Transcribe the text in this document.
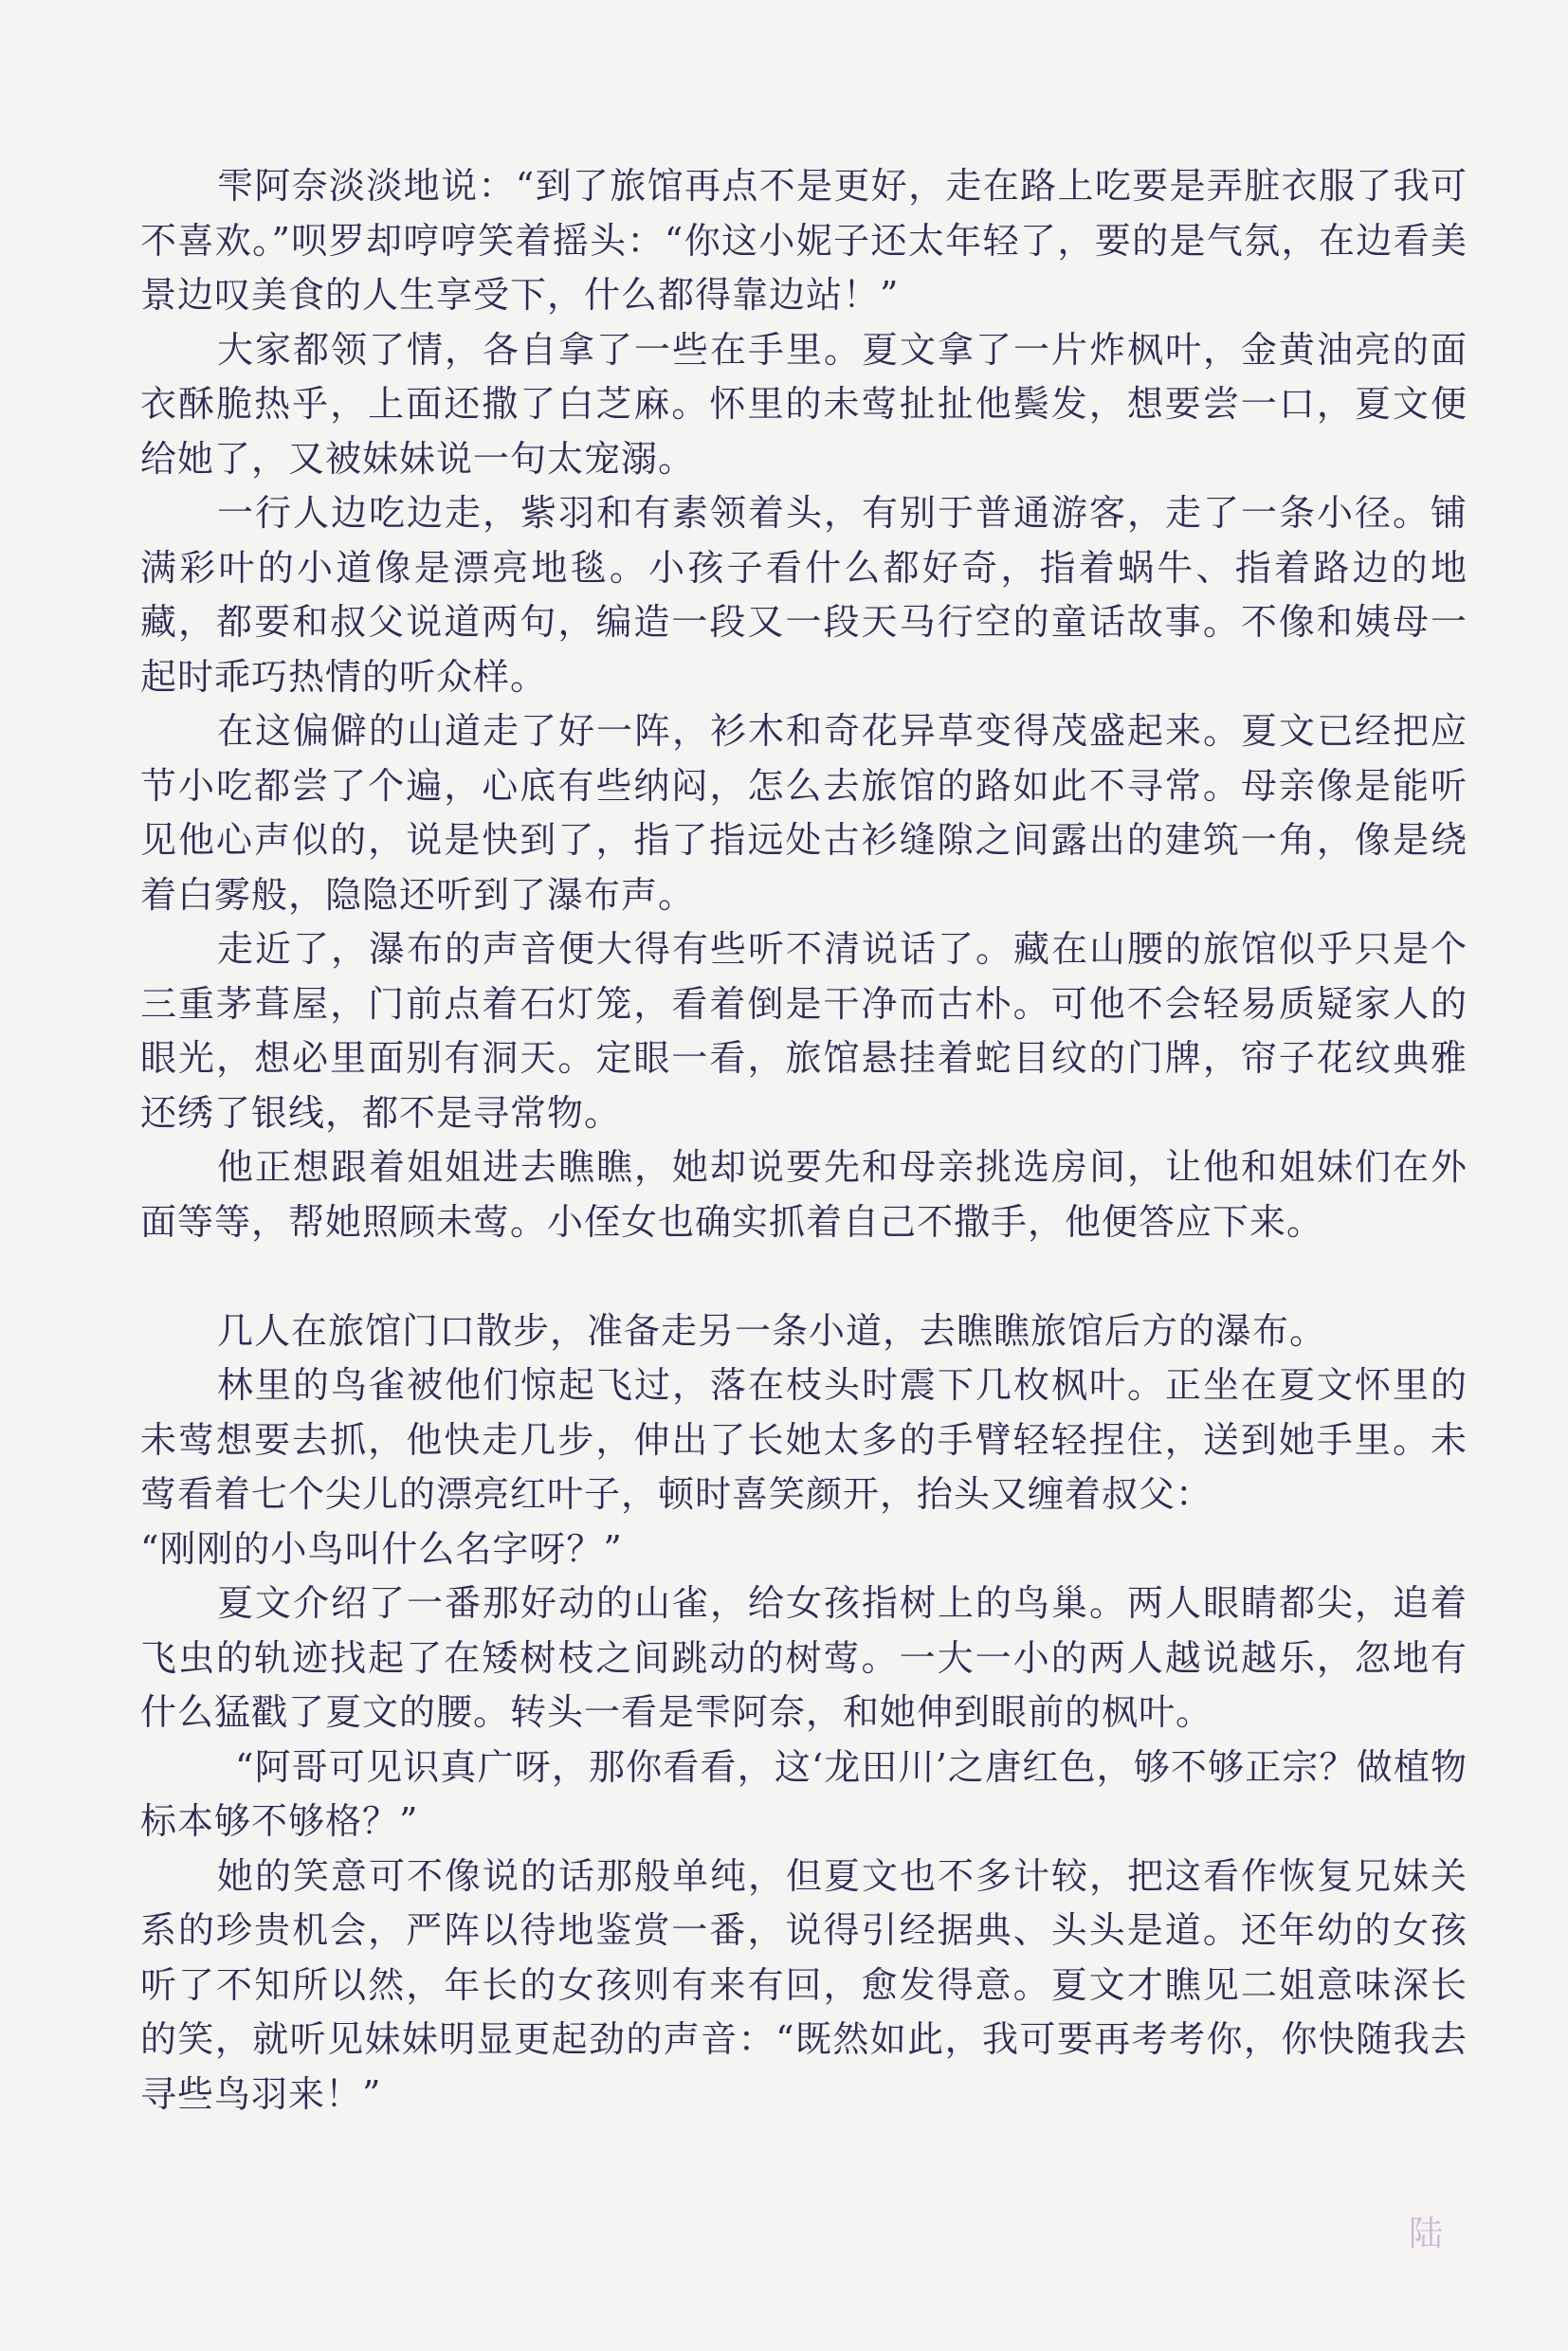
雫阿奈淡淡地说：“到了旅馆再点不是更好，走在路上吃要是弄脏衣服了我可不喜欢。”呗罗却哼哼笑着摇头：“你这小妮子还太年轻了，要的是气氛，在边看美景边叹美食的人生享受下，什么都得靠边站！”

大家都领了情，各自拿了一些在手里。夏文拿了一片炸枫叶，金黄油亮的面衣酥脆热乎，上面还撒了白芝麻。怀里的未莺扯扯他鬓发，想要尝一口，夏文便给她了，又被妹妹说一句太宠溺。

一行人边吃边走，紫羽和有素领着头，有别于普通游客，走了一条小径。铺满彩叶的小道像是漂亮地毯。小孩子看什么都好奇，指着蜗牛、指着路边的地藏，都要和叔父说道两句，编造一段又一段天马行空的童话故事。不像和姨母一起时乖巧热情的听众样。

在这偏僻的山道走了好一阵，衫木和奇花异草变得茂盛起来。夏文已经把应节小吃都尝了个遍，心底有些纳闷，怎么去旅馆的路如此不寻常。母亲像是能听见他心声似的，说是快到了，指了指远处古衫缝隙之间露出的建筑一角，像是绕着白雾般，隐隐还听到了瀑布声。

走近了，瀑布的声音便大得有些听不清说话了。藏在山腰的旅馆似乎只是个三重茅葺屋，门前点着石灯笼，看着倒是干净而古朴。可他不会轻易质疑家人的眼光，想必里面别有洞天。定眼一看，旅馆悬挂着蛇目纹的门牌，帘子花纹典雅还绣了银线，都不是寻常物。

他正想跟着姐姐进去瞧瞧，她却说要先和母亲挑选房间，让他和姐妹们在外面等等，帮她照顾未莺。小侄女也确实抓着自己不撒手，他便答应下来。

几人在旅馆门口散步，准备走另一条小道，去瞧瞧旅馆后方的瀑布。

林里的鸟雀被他们惊起飞过，落在枝头时震下几枚枫叶。正坐在夏文怀里的未莺想要去抓，他快走几步，伸出了长她太多的手臂轻轻捏住，送到她手里。未莺看着七个尖儿的漂亮红叶子，顿时喜笑颜开，抬头又缠着叔父：

“刚刚的小鸟叫什么名字呀？”

夏文介绍了一番那好动的山雀，给女孩指树上的鸟巢。两人眼睛都尖，追着飞虫的轨迹找起了在矮树枝之间跳动的树莺。一大一小的两人越说越乐，忽地有什么猛戳了夏文的腰。转头一看是雫阿奈，和她伸到眼前的枫叶。

“阿哥可见识真广呀，那你看看，这‘龙田川’之唐红色，够不够正宗？做植物标本够不够格？”

她的笑意可不像说的话那般单纯，但夏文也不多计较，把这看作恢复兄妹关系的珍贵机会，严阵以待地鉴赏一番，说得引经据典、头头是道。还年幼的女孩听了不知所以然，年长的女孩则有来有回，愈发得意。夏文才瞧见二姐意味深长的笑，就听见妹妹明显更起劲的声音：“既然如此，我可要再考考你，你快随我去寻些鸟羽来！”

陆
